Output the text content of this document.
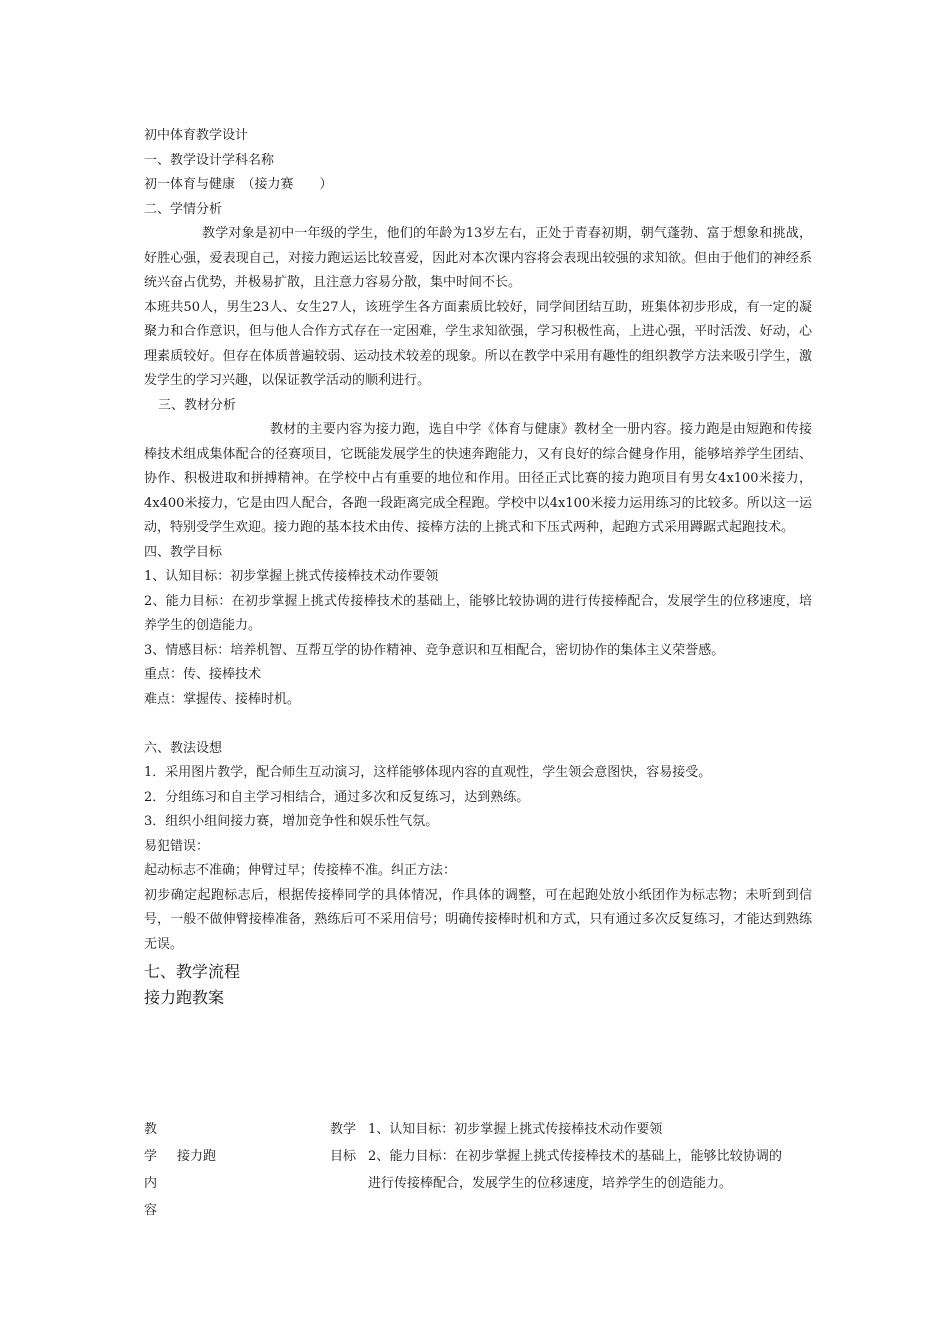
初中体育教学设计
一、教学设计学科名称
初一体育与健康　（接力赛　　）
二、学情分析
教学对象是初中一年级的学生，他们的年龄为13岁左右，正处于青春初期，朝气蓬勃、富于想象和挑战，好胜心强，爱表现自己，对接力跑运运比较喜爱，因此对本次课内容将会表现出较强的求知欲。但由于他们的神经系统兴奋占优势，并极易扩散，且注意力容易分散，集中时间不长。
本班共50人，男生23人、女生27人，该班学生各方面素质比较好，同学间团结互助，班集体初步形成，有一定的凝聚力和合作意识，但与他人合作方式存在一定困难，学生求知欲强，学习积极性高，上进心强，平时活泼、好动，心理素质较好。但存在体质普遍较弱、运动技术较差的现象。所以在教学中采用有趣性的组织教学方法来吸引学生，激发学生的学习兴趣，以保证教学活动的顺利进行。
三、教材分析
教材的主要内容为接力跑，选自中学《体育与健康》教材全一册内容。接力跑是由短跑和传接棒技术组成集体配合的径赛项目，它既能发展学生的快速奔跑能力，又有良好的综合健身作用，能够培养学生团结、协作、积极进取和拼搏精神。在学校中占有重要的地位和作用。田径正式比赛的接力跑项目有男女4x100米接力，4x400米接力，它是由四人配合，各跑一段距离完成全程跑。学校中以4x100米接力运用练习的比较多。所以这一运动，特别受学生欢迎。接力跑的基本技术由传、接棒方法的上挑式和下压式两种，起跑方式采用蹲踞式起跑技术。
四、教学目标
1、认知目标：初步掌握上挑式传接棒技术动作要领
2、能力目标：在初步掌握上挑式传接棒技术的基础上，能够比较协调的进行传接棒配合，发展学生的位移速度，培养学生的创造能力。
3、情感目标：培养机智、互帮互学的协作精神、竞争意识和互相配合，密切协作的集体主义荣誉感。
重点：传、接棒技术
难点：掌握传、接棒时机。
六、教法设想
1．采用图片教学，配合师生互动演习，这样能够体现内容的直观性，学生领会意图快，容易接受。
2．分组练习和自主学习相结合，通过多次和反复练习，达到熟练。
3．组织小组间接力赛，增加竞争性和娱乐性气氛。
易犯错误：
起动标志不准确；伸臂过早；传接棒不准。纠正方法：
初步确定起跑标志后，根据传接棒同学的具体情况，作具体的调整，可在起跑处放小纸团作为标志物；未听到到信号，一般不做伸臂接棒准备，熟练后可不采用信号；明确传接棒时机和方式，只有通过多次反复练习，才能达到熟练无误。
七、教学流程
接力跑教案
教
学
内
容
接力跑
教学
目标
1、认知目标：初步掌握上挑式传接棒技术动作要领
2、能力目标：在初步掌握上挑式传接棒技术的基础上，能够比较协调的进行传接棒配合，发展学生的位移速度，培养学生的创造能力。
